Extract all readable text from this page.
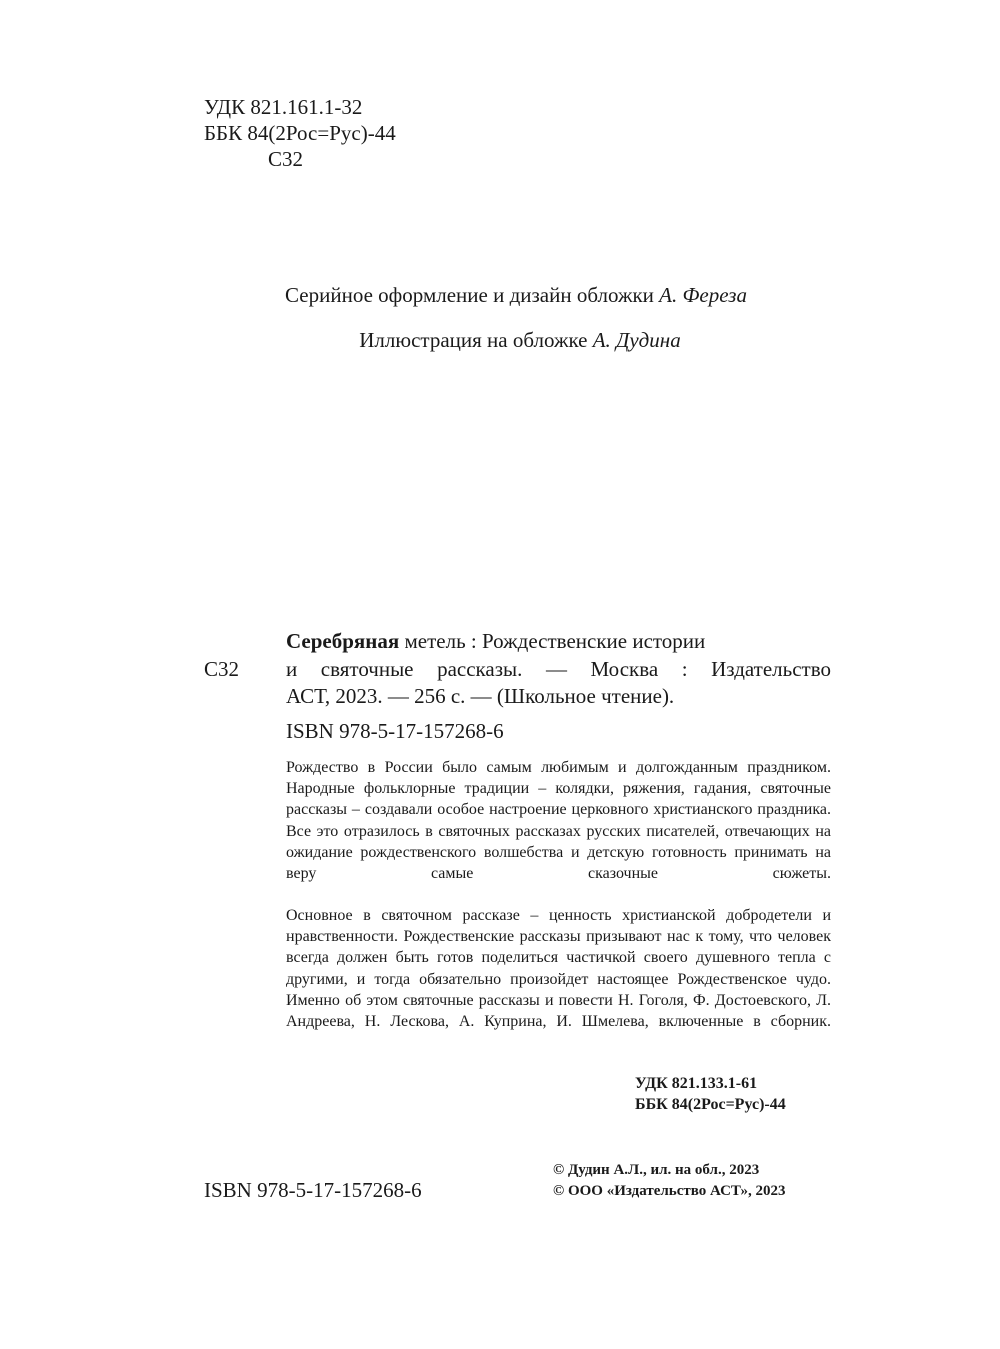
УДК 821.161.1-32
ББК 84(2Рос=Рус)-44
С32
Серийное оформление и дизайн обложки А. Фереза
Иллюстрация на обложке А. Дудина
Серебряная метель : Рождественские истории
С32 и святочные рассказы. — Москва : Издательство
АСТ, 2023. — 256 с. — (Школьное чтение).
ISBN 978-5-17-157268-6

Рождество в России было самым любимым и долгожданным праздником. Народные фольклорные традиции – колядки, ряжения, гадания, святочные рассказы – создавали особое настроение церковного христианского праздника. Все это отразилось в святочных рассказах русских писателей, отвечающих на ожидание рождественского волшебства и детскую готовность принимать на веру самые сказочные сюжеты.

Основное в святочном рассказе – ценность христианской добродетели и нравственности. Рождественские рассказы призывают нас к тому, что человек всегда должен быть готов поделиться частичкой своего душевного тепла с другими, и тогда обязательно произойдет настоящее Рождественское чудо. Именно об этом святочные рассказы и повести Н. Гоголя, Ф. Достоевского, Л. Андреева, Н. Лескова, А. Куприна, И. Шмелева, включенные в сборник.

УДК 821.133.1-61
ББК 84(2Рос=Рус)-44
ISBN 978-5-17-157268-6
© Дудин А.Л., ил. на обл., 2023
© ООО «Издательство АСТ», 2023
